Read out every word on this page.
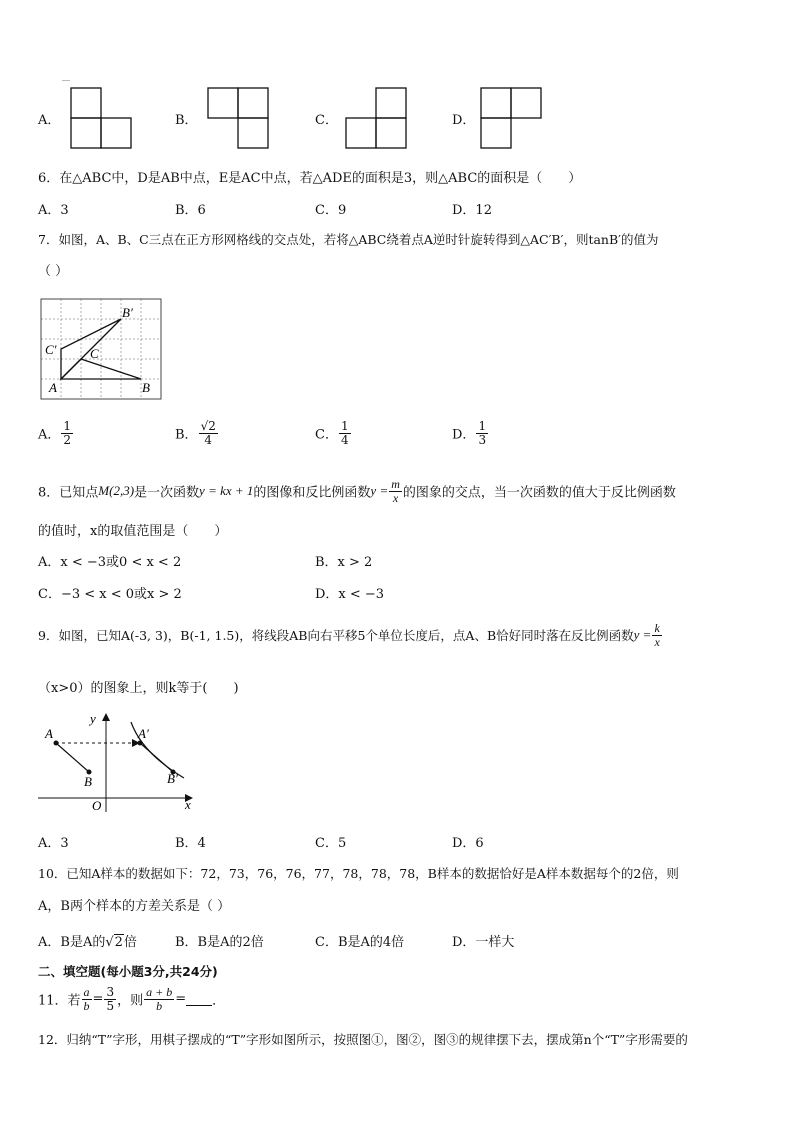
A．	B．	C．	D．
6．在△ABC中，D是AB中点，E是AC中点，若△ADE的面积是3，则△ABC的面积是（　　）
A．3	B．6	C．9	D．12
7．如图，A、B、C三点在正方形网格线的交点处，若将△ABC绕着点A逆时针旋转得到△AC′B′，则tanB′的值为
（ ）
B′
C′	C
A	B
A． $\frac{1}{2}$	B． $\frac{√2}{4}$	C． $\frac{1}{4}$	D． $\frac{1}{3}$
8．已知点M(2,3)是一次函数y = kx + 1的图像和反比例函数$y = \frac{m}{x}$ 的图象的交点，当一次函数的值大于反比例函数
的值时，x的取值范围是（　　）
A．x < −3或0 < x < 2	B．x > 2
C．−3 < x < 0或x > 2	D．x < −3
9．如图，已知A(-3, 3)，B(-1, 1.5)，将线段AB向右平移5个单位长度后，点A、B恰好同时落在反比例函数$y = \frac{k}{x}$
（x>0）的图象上，则k等于(　　)
y
A	A′
B	B′
O	x
A．3	B．4	C．5	D．6
10．已知A样本的数据如下：72，73，76，76，77，78，78，78，B样本的数据恰好是A样本数据每个的2倍，则
A，B两个样本的方差关系是（ ）
A．B是A的√2倍	B．B是A的2倍	C．B是A的4倍	D．一样大
二、填空题(每小题3分,共24分)
11．若 $\frac{a}{b} = \frac{3}{5}$ ，则 $\frac{a + b}{b}$ = ．
12．归纳“T”字形，用棋子摆成的“T”字形如图所示，按照图①，图②，图③的规律摆下去，摆成第n个“T”字形需要的
